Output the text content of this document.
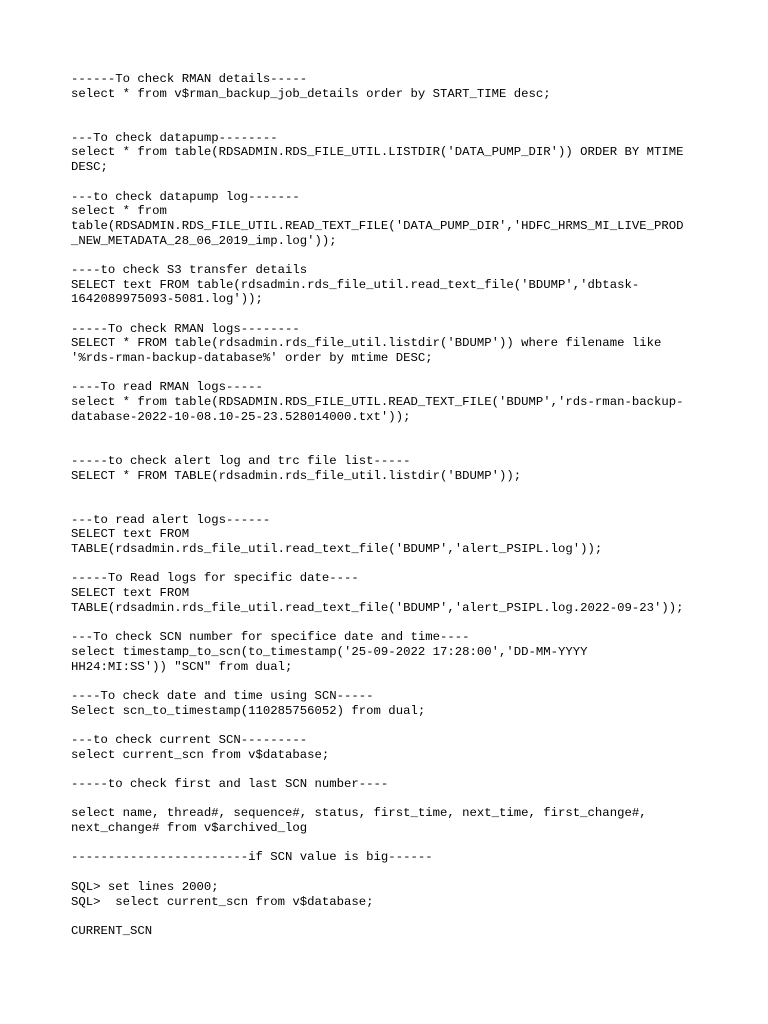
------To check RMAN details-----
select * from v$rman_backup_job_details order by START_TIME desc;
---To check datapump--------
select * from table(RDSADMIN.RDS_FILE_UTIL.LISTDIR('DATA_PUMP_DIR')) ORDER BY MTIME
DESC;
---to check datapump log-------
select * from
table(RDSADMIN.RDS_FILE_UTIL.READ_TEXT_FILE('DATA_PUMP_DIR','HDFC_HRMS_MI_LIVE_PROD
_NEW_METADATA_28_06_2019_imp.log'));
----to check S3 transfer details
SELECT text FROM table(rdsadmin.rds_file_util.read_text_file('BDUMP','dbtask-
1642089975093-5081.log'));
-----To check RMAN logs--------
SELECT * FROM table(rdsadmin.rds_file_util.listdir('BDUMP')) where filename like
'%rds-rman-backup-database%' order by mtime DESC;
----To read RMAN logs-----
select * from table(RDSADMIN.RDS_FILE_UTIL.READ_TEXT_FILE('BDUMP','rds-rman-backup-
database-2022-10-08.10-25-23.528014000.txt'));
-----to check alert log and trc file list-----
SELECT * FROM TABLE(rdsadmin.rds_file_util.listdir('BDUMP'));
---to read alert logs------
SELECT text FROM
TABLE(rdsadmin.rds_file_util.read_text_file('BDUMP','alert_PSIPL.log'));
-----To Read logs for specific date----
SELECT text FROM
TABLE(rdsadmin.rds_file_util.read_text_file('BDUMP','alert_PSIPL.log.2022-09-23'));
---To check SCN number for specifice date and time----
select timestamp_to_scn(to_timestamp('25-09-2022 17:28:00','DD-MM-YYYY
HH24:MI:SS')) "SCN" from dual;
----To check date and time using SCN-----
Select scn_to_timestamp(110285756052) from dual;
---to check current SCN---------
select current_scn from v$database;
-----to check first and last SCN number----
select name, thread#, sequence#, status, first_time, next_time, first_change#,
next_change# from v$archived_log
------------------------if SCN value is big------
SQL> set lines 2000;
SQL>  select current_scn from v$database;
CURRENT_SCN
